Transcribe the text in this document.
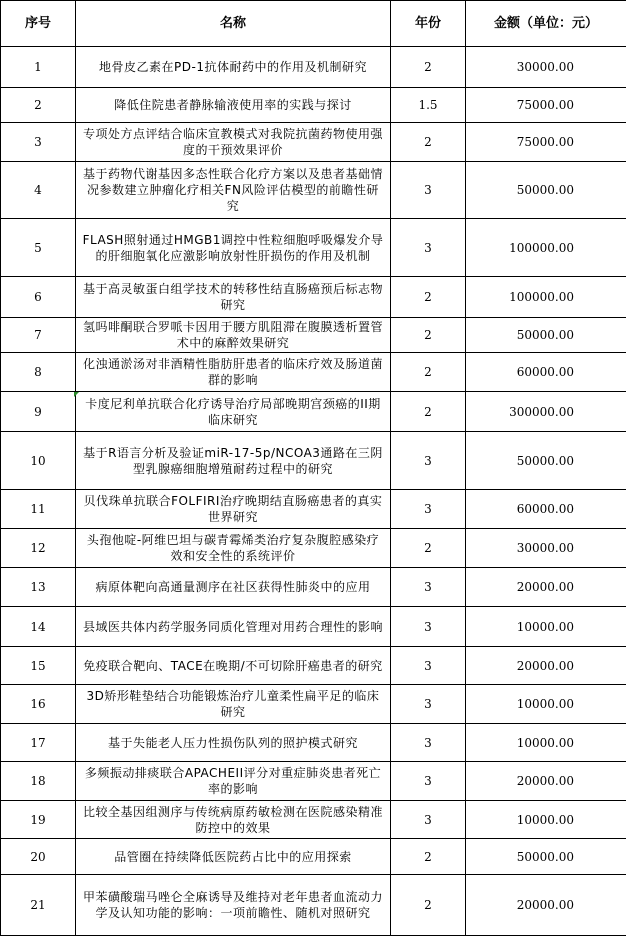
序号	名称	年份	金额（单位：元）
1	地骨皮乙素在PD-1抗体耐药中的作用及机制研究	2	30000.00
2	降低住院患者静脉输液使用率的实践与探讨	1.5	75000.00
3	专项处方点评结合临床宣教模式对我院抗菌药物使用强度的干预效果评价	2	75000.00
4	基于药物代谢基因多态性联合化疗方案以及患者基础情况参数建立肿瘤化疗相关FN风险评估模型的前瞻性研究	3	50000.00
5	FLASH照射通过HMGB1调控中性粒细胞呼吸爆发介导的肝细胞氧化应激影响放射性肝损伤的作用及机制	3	100000.00
6	基于高灵敏蛋白组学技术的转移性结直肠癌预后标志物研究	2	100000.00
7	氢吗啡酮联合罗哌卡因用于腰方肌阻滞在腹膜透析置管术中的麻醉效果研究	2	50000.00
8	化浊通淤汤对非酒精性脂肪肝患者的临床疗效及肠道菌群的影响	2	60000.00
9	卡度尼利单抗联合化疗诱导治疗局部晚期宫颈癌的II期临床研究	2	300000.00
10	基于R语言分析及验证miR-17-5p/NCOA3通路在三阴型乳腺癌细胞增殖耐药过程中的研究	3	50000.00
11	贝伐珠单抗联合FOLFIRI治疗晚期结直肠癌患者的真实世界研究	3	60000.00
12	头孢他啶-阿维巴坦与碳青霉烯类治疗复杂腹腔感染疗效和安全性的系统评价	2	30000.00
13	病原体靶向高通量测序在社区获得性肺炎中的应用	3	20000.00
14	县域医共体内药学服务同质化管理对用药合理性的影响	3	10000.00
15	免疫联合靶向、TACE在晚期/不可切除肝癌患者的研究	3	20000.00
16	3D矫形鞋垫结合功能锻炼治疗儿童柔性扁平足的临床研究	3	10000.00
17	基于失能老人压力性损伤队列的照护模式研究	3	10000.00
18	多频振动排痰联合APACHEII评分对重症肺炎患者死亡率的影响	3	20000.00
19	比较全基因组测序与传统病原药敏检测在医院感染精准防控中的效果	3	10000.00
20	品管圈在持续降低医院药占比中的应用探索	2	50000.00
21	甲苯磺酸瑞马唑仑全麻诱导及维持对老年患者血流动力学及认知功能的影响：一项前瞻性、随机对照研究	2	20000.00
